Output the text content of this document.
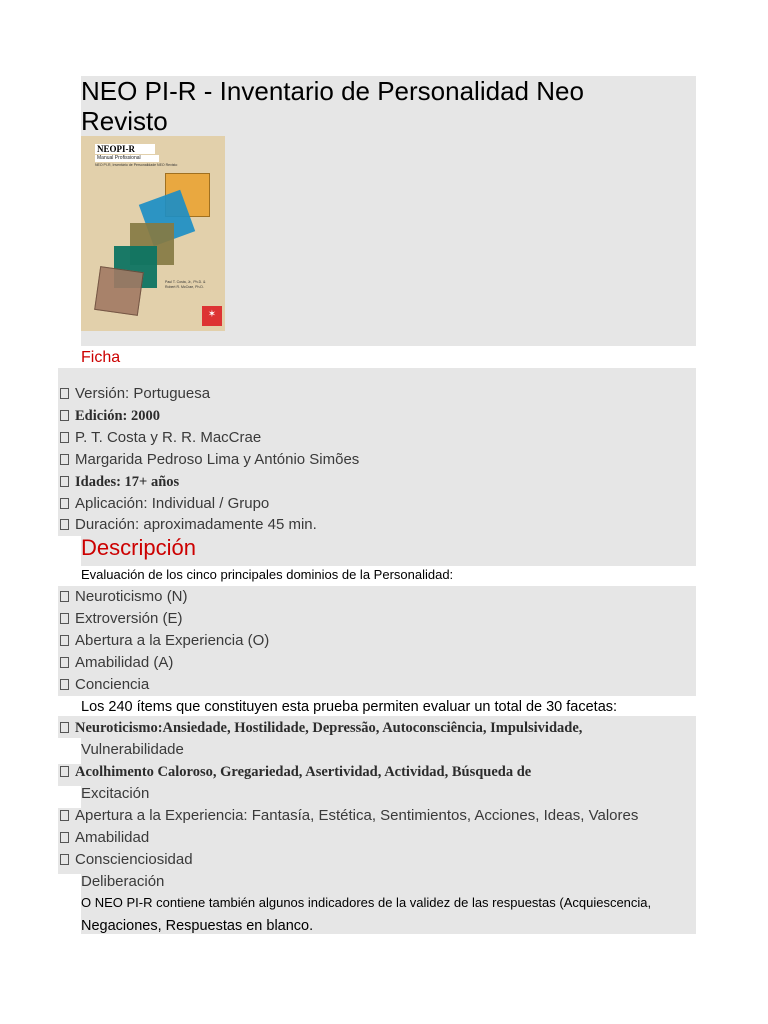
NEO PI-R - Inventario de Personalidad Neo Revisto
NEOPI-R
Manual Profissional
NEO PI-R, Inventário de Personalidade NEO Revisto
Paul T. Costa, Jr., Ph.D. & Robert R. McCrae, Ph.D.
✶
Ficha
Versión: Portuguesa
Edición: 2000
P. T. Costa y R. R. MacCrae
Margarida Pedroso Lima y António Simões
Idades: 17+ años
Aplicación: Individual / Grupo
Duración: aproximadamente 45 min.
Descripción
Evaluación de los cinco principales dominios de la Personalidad:
Neuroticismo (N)
Extroversión (E)
Abertura a la Experiencia (O)
Amabilidad (A)
Conciencia
Los 240 ítems que constituyen esta prueba permiten evaluar un total de 30 facetas:
Neuroticismo:Ansiedade, Hostilidade, Depressão, Autoconsciência, Impulsividade,
Vulnerabilidade
Acolhimento Caloroso, Gregariedad, Asertividad, Actividad, Búsqueda de
Excitación
Apertura a la Experiencia: Fantasía, Estética, Sentimientos, Acciones, Ideas, Valores
Amabilidad
Conscienciosidad
Deliberación
O NEO PI-R contiene también algunos indicadores de la validez de las respuestas (Acquiescencia,
Negaciones, Respuestas en blanco.
